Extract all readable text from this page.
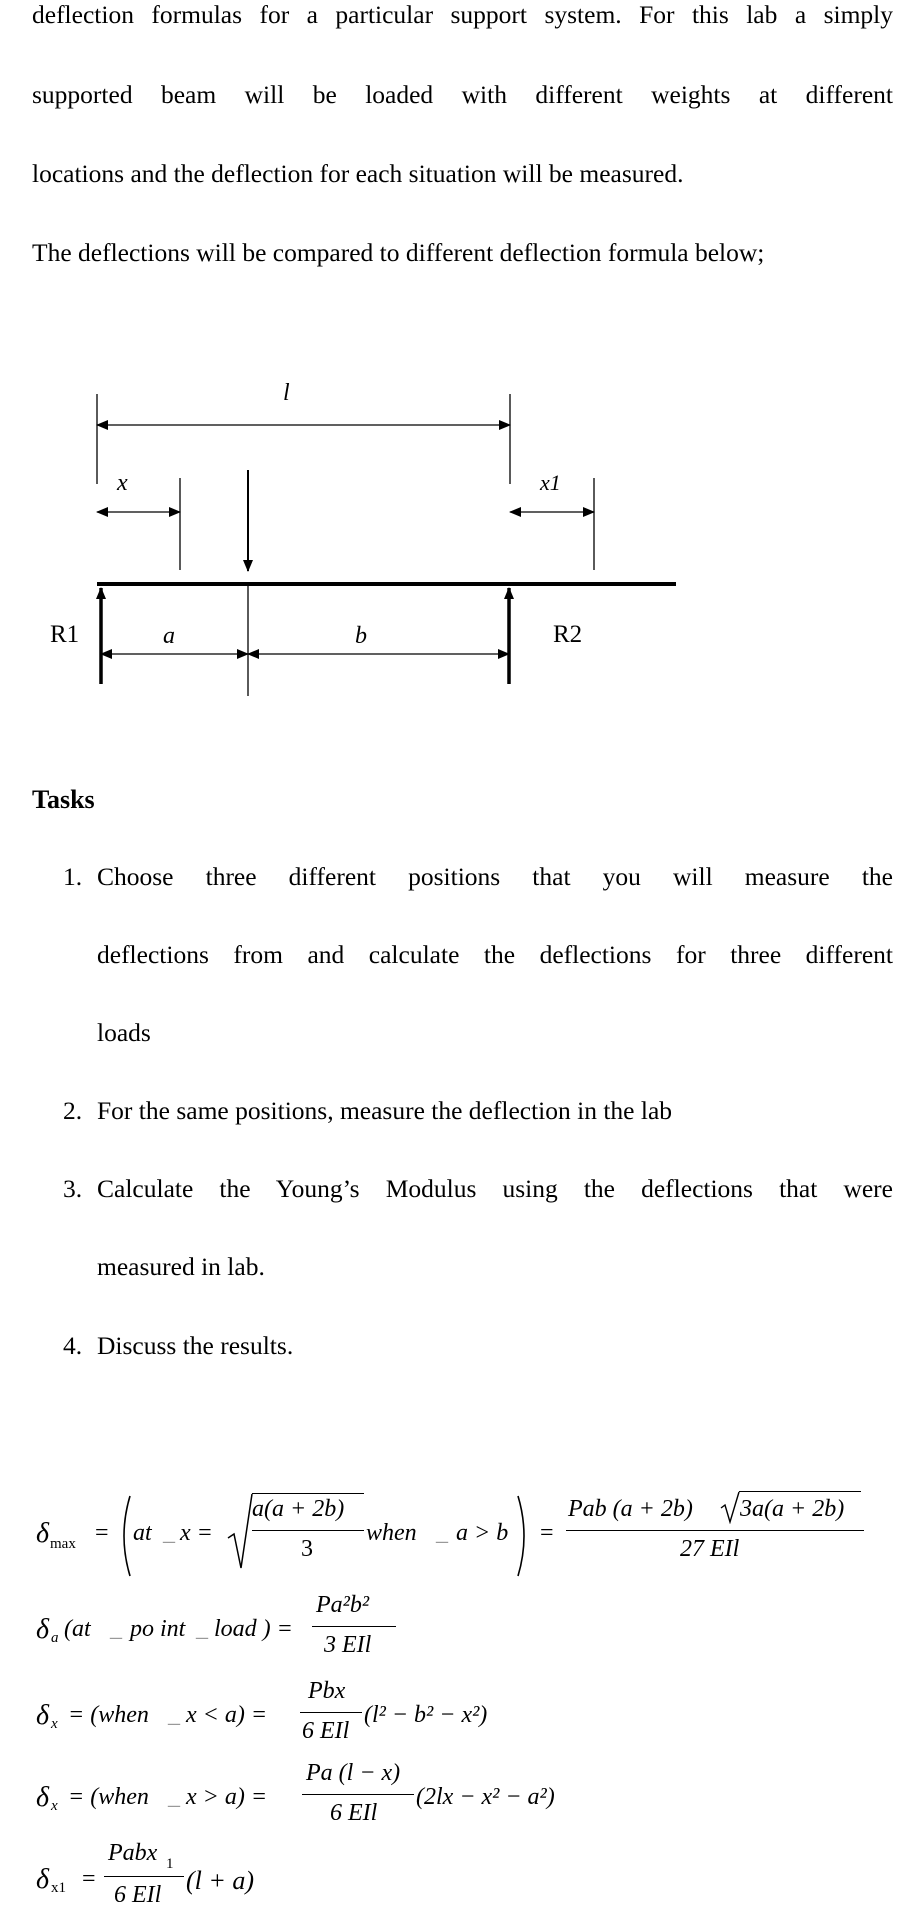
deflection formulas for a particular support system. For this lab a simply
supported beam will be loaded with different weights at different
locations and the deflection for each situation will be measured.
The deflections will be compared to different deflection formula below;
l
x	x1
R1	a	b	R2
Tasks
1. Choose three different positions that you will measure the
deflections from and calculate the deflections for three different
loads
2. For the same positions, measure the deflection in the lab
3. Calculate the Young’s Modulus using the deflections that were
measured in lab.
4. Discuss the results.
δ max = at _ x =
a(a + 2b)
3
when _ a > b =
Pab (a + 2b) 3a(a + 2b)
27 EIl
δ a (at _ po int _ load ) =
Pa²b²
3 EIl
δ x = (when _ x < a) =
Pbx
6 EIl
(l² − b² − x²)
δ x = (when _ x > a) =
Pa (l − x)
6 EIl
(2lx − x² − a²)
δ x1 =
Pabx 1
6 EIl (l + a)
